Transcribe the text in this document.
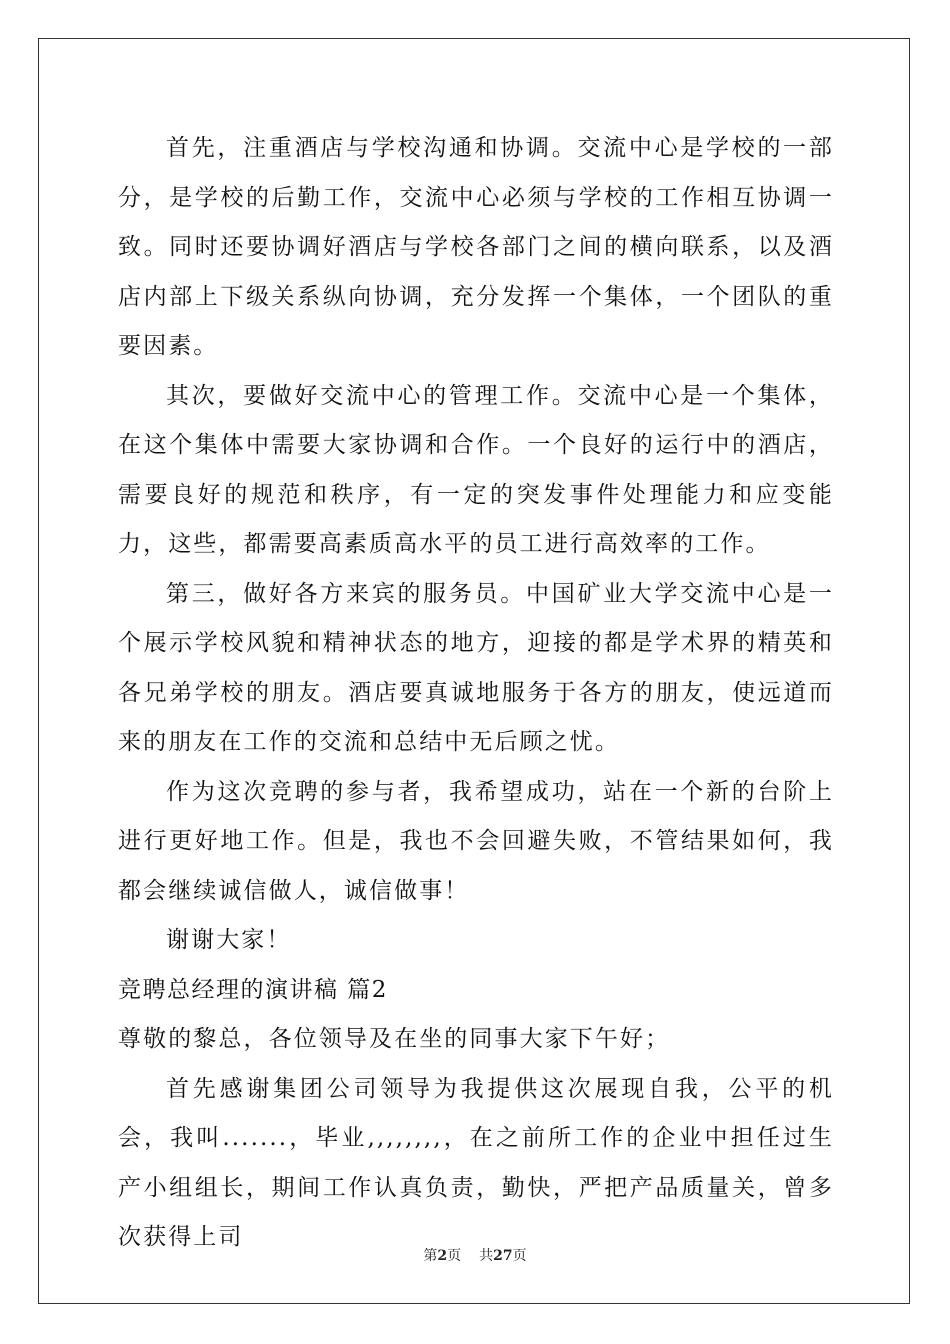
首先，注重酒店与学校沟通和协调。交流中心是学校的一部分，是学校的后勤工作，交流中心必须与学校的工作相互协调一致。同时还要协调好酒店与学校各部门之间的横向联系，以及酒店内部上下级关系纵向协调，充分发挥一个集体，一个团队的重要因素。

其次，要做好交流中心的管理工作。交流中心是一个集体，在这个集体中需要大家协调和合作。一个良好的运行中的酒店，需要良好的规范和秩序，有一定的突发事件处理能力和应变能力，这些，都需要高素质高水平的员工进行高效率的工作。

第三，做好各方来宾的服务员。中国矿业大学交流中心是一个展示学校风貌和精神状态的地方，迎接的都是学术界的精英和各兄弟学校的朋友。酒店要真诚地服务于各方的朋友，使远道而来的朋友在工作的交流和总结中无后顾之忧。

作为这次竞聘的参与者，我希望成功，站在一个新的台阶上进行更好地工作。但是，我也不会回避失败，不管结果如何，我都会继续诚信做人，诚信做事！

谢谢大家！

竞聘总经理的演讲稿 篇2

尊敬的黎总，各位领导及在坐的同事大家下午好；

首先感谢集团公司领导为我提供这次展现自我，公平的机会，我叫.......，毕业,,,,,,,,，在之前所工作的企业中担任过生产小组组长，期间工作认真负责，勤快，严把产品质量关，曾多次获得上司

第2页 共27页
